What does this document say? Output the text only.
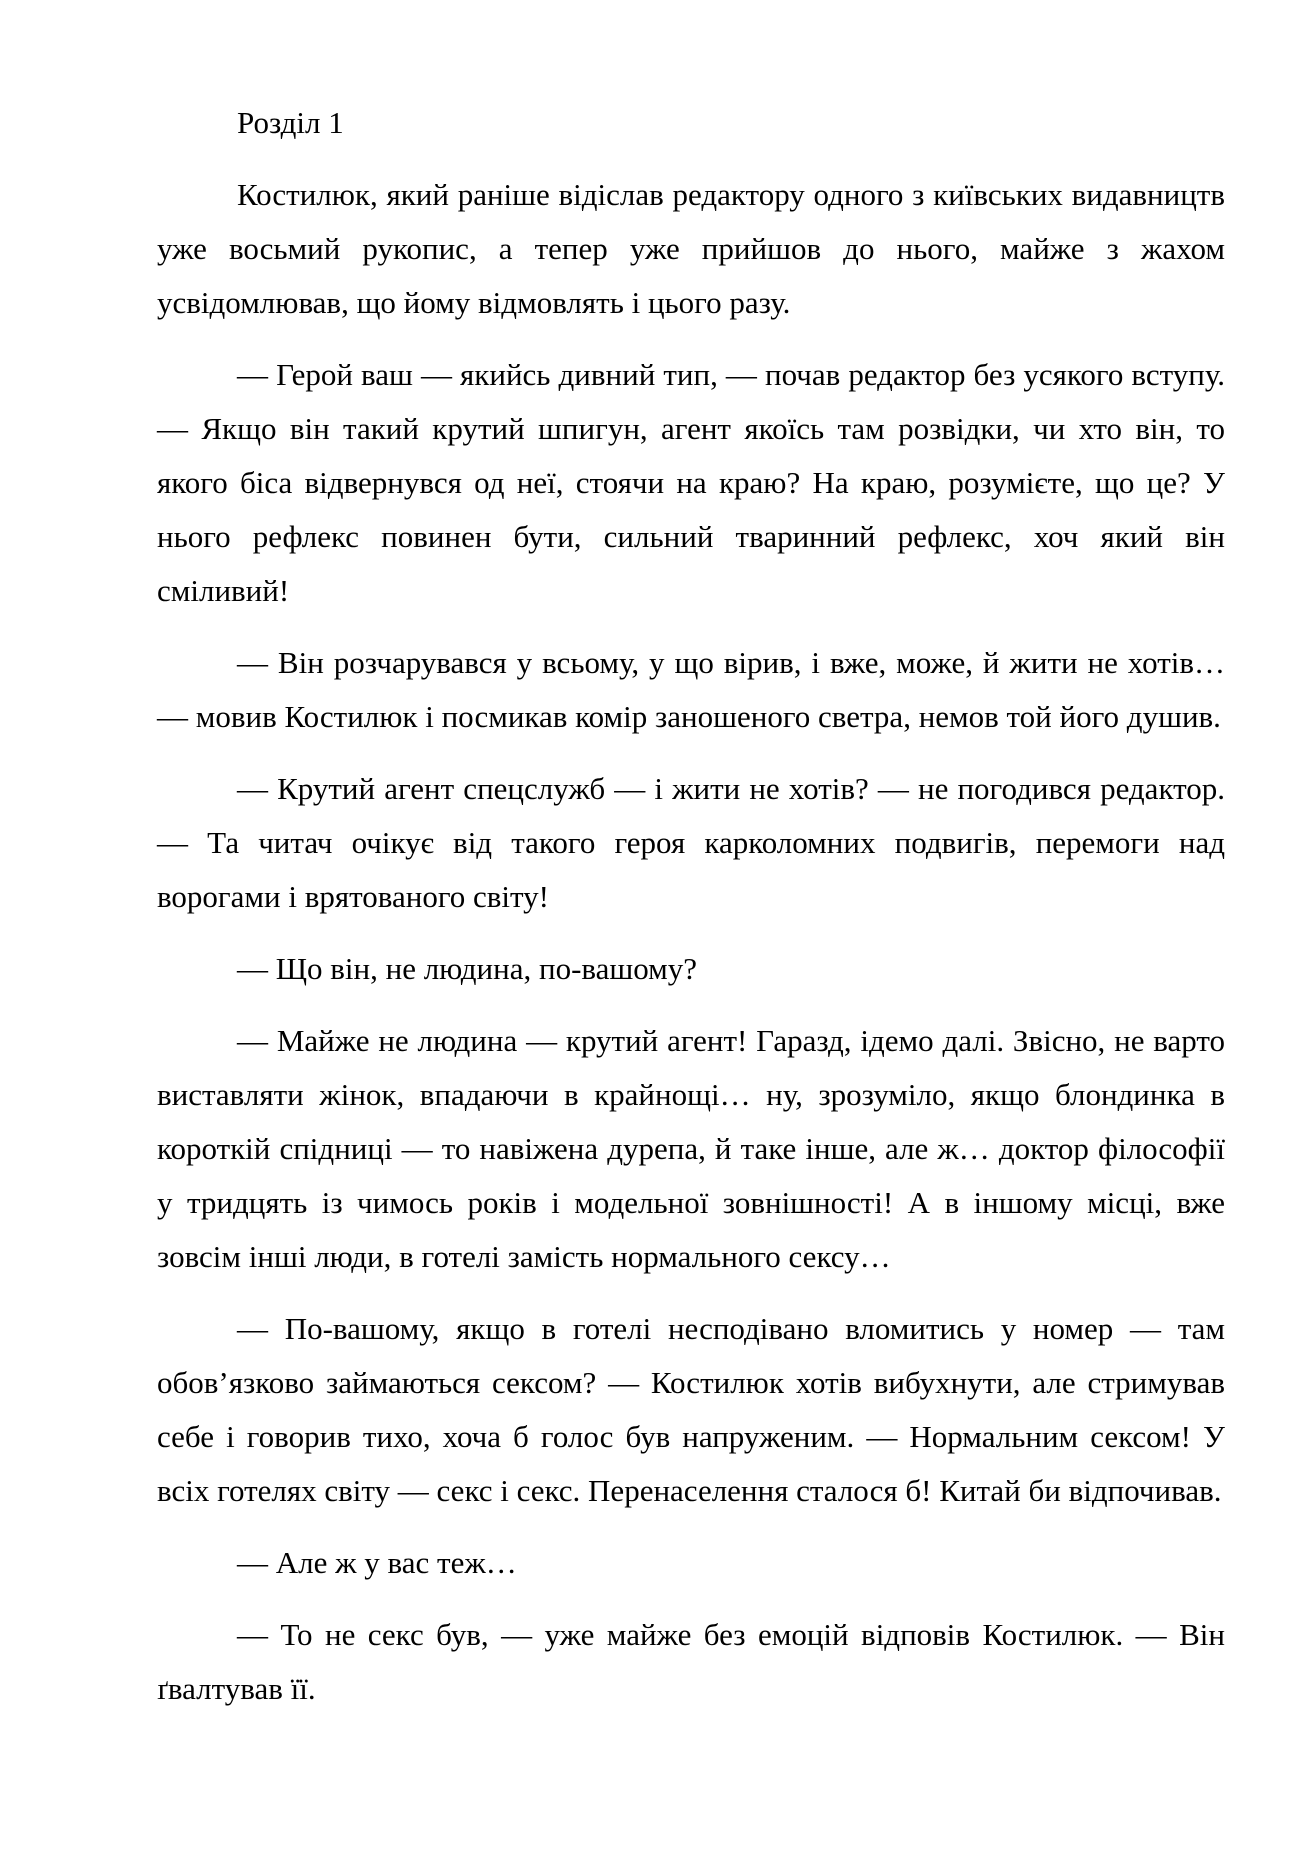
Розділ 1

Костилюк, який раніше відіслав редактору одного з київських видавництв уже восьмий рукопис, а тепер уже прийшов до нього, майже з жахом усвідомлював, що йому відмовлять і цього разу.

— Герой ваш — якийсь дивний тип, — почав редактор без усякого вступу. — Якщо він такий крутий шпигун, агент якоїсь там розвідки, чи хто він, то якого біса відвернувся од неї, стоячи на краю? На краю, розумієте, що це? У нього рефлекс повинен бути, сильний тваринний рефлекс, хоч який він сміливий!

— Він розчарувався у всьому, у що вірив, і вже, може, й жити не хотів… — мовив Костилюк і посмикав комір заношеного светра, немов той його душив.

— Крутий агент спецслужб — і жити не хотів? — не погодився редактор. — Та читач очікує від такого героя карколомних подвигів, перемоги над ворогами і врятованого світу!

— Що він, не людина, по-вашому?

— Майже не людина — крутий агент! Гаразд, ідемо далі. Звісно, не варто виставляти жінок, впадаючи в крайнощі… ну, зрозуміло, якщо блондинка в короткій спідниці — то навіжена дурепа, й таке інше, але ж… доктор філософії у тридцять із чимось років і модельної зовнішності! А в іншому місці, вже зовсім інші люди, в готелі замість нормального сексу…

— По-вашому, якщо в готелі несподівано вломитись у номер — там обов’язково займаються сексом? — Костилюк хотів вибухнути, але стримував себе і говорив тихо, хоча б голос був напруженим. — Нормальним сексом! У всіх готелях світу — секс і секс. Перенаселення сталося б! Китай би відпочивав.

— Але ж у вас теж…

— То не секс був, — уже майже без емоцій відповів Костилюк. — Він ґвалтував її.
